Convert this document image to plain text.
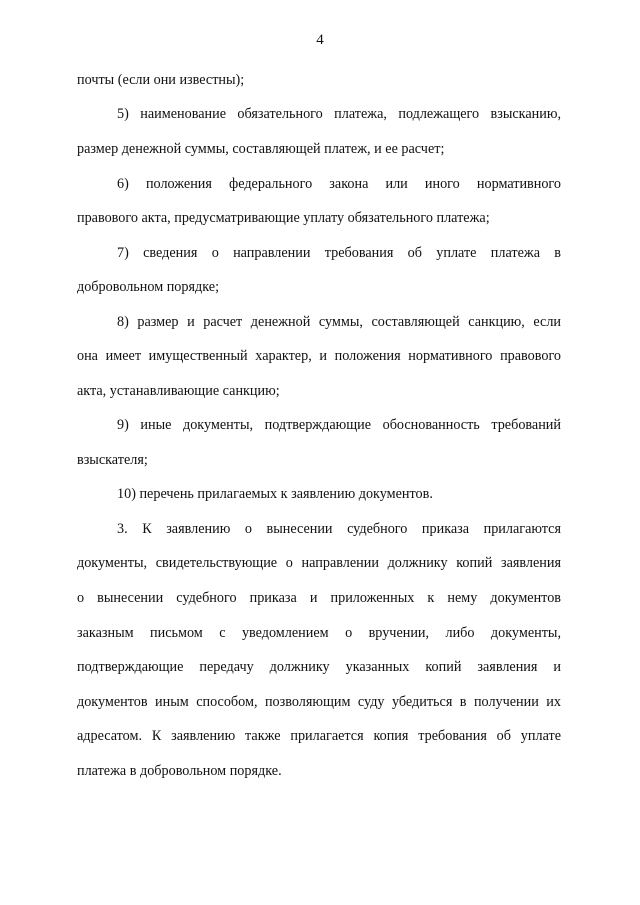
4
почты (если они известны);
5) наименование обязательного платежа, подлежащего взысканию,
размер денежной суммы, составляющей платеж, и ее расчет;
6) положения федерального закона или иного нормативного
правового акта, предусматривающие уплату обязательного платежа;
7) сведения о направлении требования об уплате платежа в
добровольном порядке;
8) размер и расчет денежной суммы, составляющей санкцию, если
она имеет имущественный характер, и положения нормативного правового
акта, устанавливающие санкцию;
9) иные документы, подтверждающие обоснованность требований
взыскателя;
10) перечень прилагаемых к заявлению документов.
3. К заявлению о вынесении судебного приказа прилагаются
документы, свидетельствующие о направлении должнику копий заявления
о вынесении судебного приказа и приложенных к нему документов
заказным письмом с уведомлением о вручении, либо документы,
подтверждающие передачу должнику указанных копий заявления и
документов иным способом, позволяющим суду убедиться в получении их
адресатом. К заявлению также прилагается копия требования об уплате
платежа в добровольном порядке.
